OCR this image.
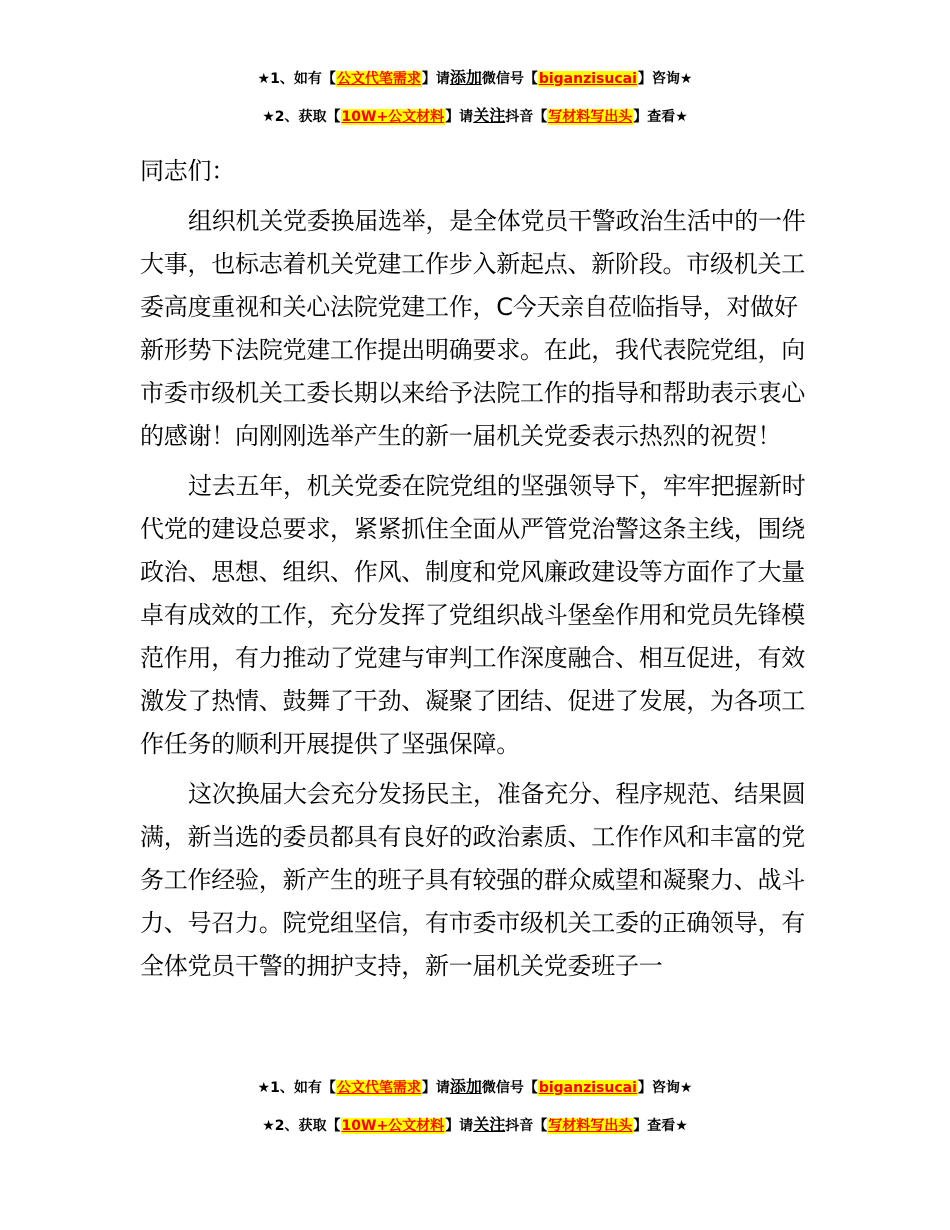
★1、如有【公文代笔需求】请添加微信号【biganzisucai】咨询★
★2、获取【10W+公文材料】请关注抖音【写材料写出头】查看★

同志们：

组织机关党委换届选举，是全体党员干警政治生活中的一件大事，也标志着机关党建工作步入新起点、新阶段。市级机关工委高度重视和关心法院党建工作，C今天亲自莅临指导，对做好新形势下法院党建工作提出明确要求。在此，我代表院党组，向市委市级机关工委长期以来给予法院工作的指导和帮助表示衷心的感谢！向刚刚选举产生的新一届机关党委表示热烈的祝贺！

过去五年，机关党委在院党组的坚强领导下，牢牢把握新时代党的建设总要求，紧紧抓住全面从严管党治警这条主线，围绕政治、思想、组织、作风、制度和党风廉政建设等方面作了大量卓有成效的工作，充分发挥了党组织战斗堡垒作用和党员先锋模范作用，有力推动了党建与审判工作深度融合、相互促进，有效激发了热情、鼓舞了干劲、凝聚了团结、促进了发展，为各项工作任务的顺利开展提供了坚强保障。

这次换届大会充分发扬民主，准备充分、程序规范、结果圆满，新当选的委员都具有良好的政治素质、工作作风和丰富的党务工作经验，新产生的班子具有较强的群众威望和凝聚力、战斗力、号召力。院党组坚信，有市委市级机关工委的正确领导，有全体党员干警的拥护支持，新一届机关党委班子一

★1、如有【公文代笔需求】请添加微信号【biganzisucai】咨询★
★2、获取【10W+公文材料】请关注抖音【写材料写出头】查看★
